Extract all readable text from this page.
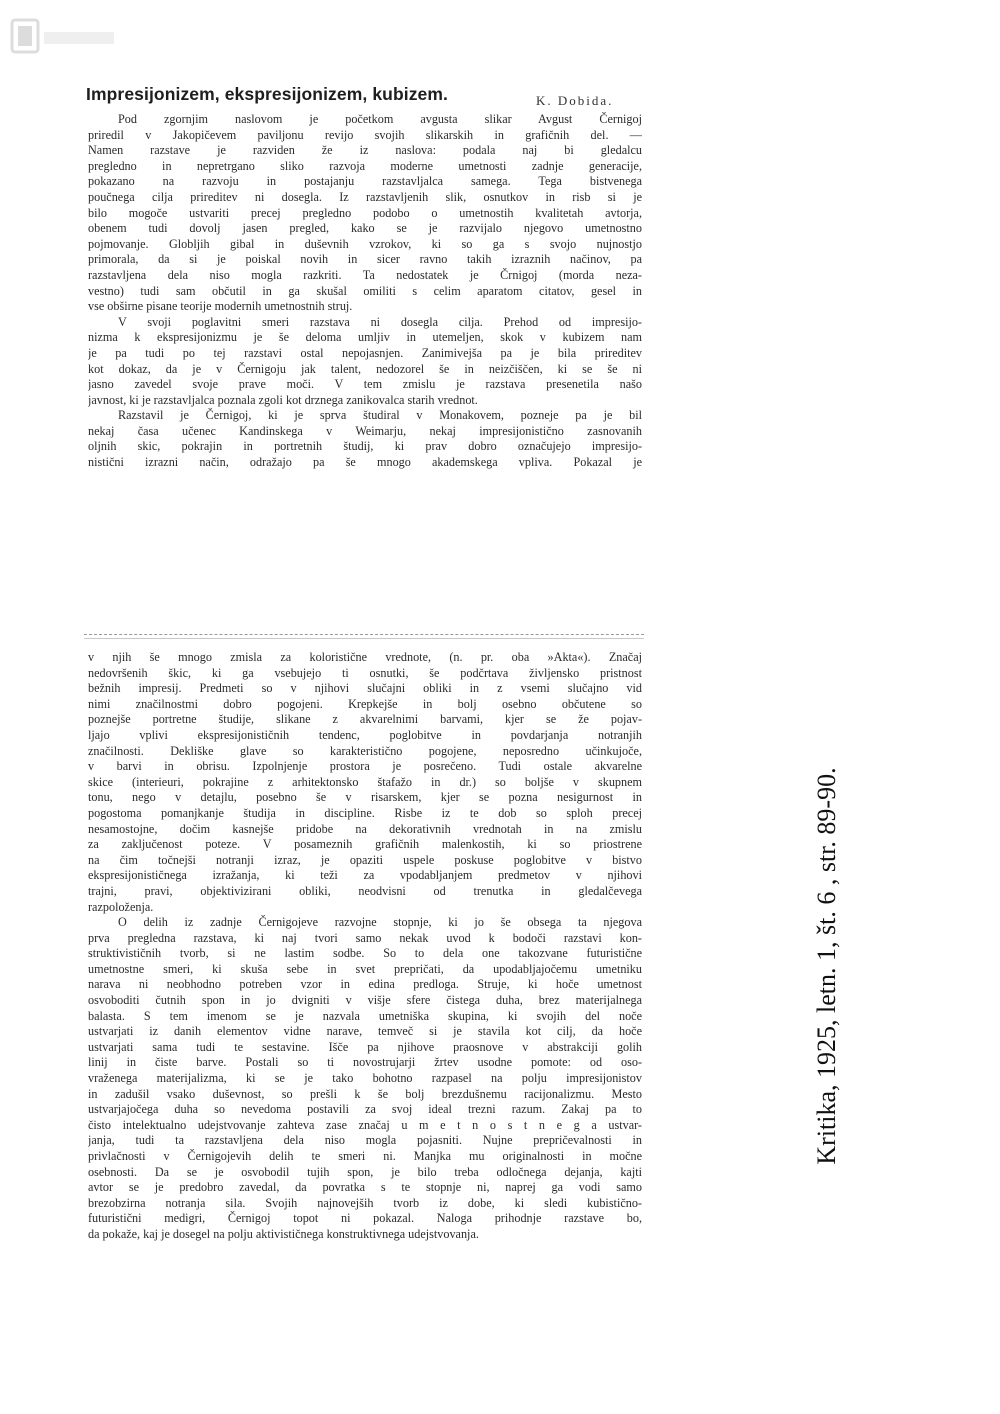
Impresijonizem, ekspresijonizem, kubizem.	K. Dobida.
Pod zgornjim naslovom je početkom avgusta slikar Avgust Černigoj
priredil v Jakopičevem paviljonu revijo svojih slikarskih in grafičnih del. —
Namen razstave je razviden že iz naslova: podala naj bi gledalcu
pregledno in nepretrgano sliko razvoja moderne umetnosti zadnje generacije,
pokazano na razvoju in postajanju razstavljalca samega. Tega bistvenega
poučnega cilja prireditev ni dosegla. Iz razstavljenih slik, osnutkov in risb si je
bilo mogoče ustvariti precej pregledno podobo o umetnostih kvalitetah avtorja,
obenem tudi dovolj jasen pregled, kako se je razvijalo njegovo umetnostno
pojmovanje. Globljih gibal in duševnih vzrokov, ki so ga s svojo nujnostjo
primorala, da si je poiskal novih in sicer ravno takih izraznih načinov, pa
razstavljena dela niso mogla razkriti. Ta nedostatek je Črnigoj (morda neza-
vestno) tudi sam občutil in ga skušal omiliti s celim aparatom citatov, gesel in
vse obširne pisane teorije modernih umetnostnih struj.
V svoji poglavitni smeri razstava ni dosegla cilja. Prehod od impresijo-
nizma k ekspresijonizmu je še deloma umljiv in utemeljen, skok v kubizem nam
je pa tudi po tej razstavi ostal nepojasnjen. Zanimivejša pa je bila prireditev
kot dokaz, da je v Černigoju jak talent, nedozorel še in neizčiščen, ki se še ni
jasno zavedel svoje prave moči. V tem zmislu je razstava presenetila našo
javnost, ki je razstavljalca poznala zgoli kot drznega zanikovalca starih vrednot.
Razstavil je Černigoj, ki je sprva študiral v Monakovem, pozneje pa je bil
nekaj časa učenec Kandinskega v Weimarju, nekaj impresijonistično zasnovanih
oljnih skic, pokrajin in portretnih študij, ki prav dobro označujejo impresijo-
nistični izrazni način, odražajo pa še mnogo akademskega vpliva. Pokazal je
v njih še mnogo zmisla za koloristične vrednote, (n. pr. oba »Akta«). Značaj
nedovršenih škic, ki ga vsebujejo ti osnutki, še podčrtava življensko pristnost
bežnih impresij. Predmeti so v njihovi slučajni obliki in z vsemi slučajno vid
nimi značilnostmi dobro pogojeni. Krepkejše in bolj osebno občutene so
poznejše portretne študije, slikane z akvarelnimi barvami, kjer se že pojav-
ljajo vplivi ekspresijonističnih tendenc, poglobitve in povdarjanja notranjih
značilnosti. Dekliške glave so karakteristično pogojene, neposredno učinkujoče,
v barvi in obrisu. Izpolnjenje prostora je posrečeno. Tudi ostale akvarelne
skice (interieuri, pokrajine z arhitektonsko štafažo in dr.) so boljše v skupnem
tonu, nego v detajlu, posebno še v risarskem, kjer se pozna nesigurnost in
pogostoma pomanjkanje študija in discipline. Risbe iz te dob so sploh precej
nesamostojne, dočim kasnejše pridobe na dekorativnih vrednotah in na zmislu
za zaključenost poteze. V posameznih grafičnih malenkostih, ki so priostrene
na čim točnejši notranji izraz, je opaziti uspele poskuse poglobitve v bistvo
ekspresijonističnega izražanja, ki teži za vpodabljanjem predmetov v njihovi
trajni, pravi, objektivizirani obliki, neodvisni od trenutka in gledalčevega
razpoloženja.
O delih iz zadnje Černigojeve razvojne stopnje, ki jo še obsega ta njegova
prva pregledna razstava, ki naj tvori samo nekak uvod k bodoči razstavi kon-
struktivističnih tvorb, si ne lastim sodbe. So to dela one takozvane futuristične
umetnostne smeri, ki skuša sebe in svet prepričati, da upodabljajočemu umetniku
narava ni neobhodno potreben vzor in edina predloga. Struje, ki hoče umetnost
osvoboditi čutnih spon in jo dvigniti v višje sfere čistega duha, brez materijalnega
balasta. S tem imenom se je nazvala umetniška skupina, ki svojih del noče
ustvarjati iz danih elementov vidne narave, temveč si je stavila kot cilj, da hoče
ustvarjati sama tudi te sestavine. Išče pa njihove praosnove v abstrakciji golih
linij in čiste barve. Postali so ti novostrujarji žrtev usodne pomote: od oso-
vraženega materijalizma, ki se je tako bohotno razpasel na polju impresijonistov
in zadušil vsako duševnost, so prešli k še bolj brezdušnemu racijonalizmu. Mesto
ustvarjajočega duha so nevedoma postavili za svoj ideal trezni razum. Zakaj pa to
čisto intelektualno udejstvovanje zahteva zase značaj u m e t n o s t n e g a ustvar-
janja, tudi ta razstavljena dela niso mogla pojasniti. Nujne prepričevalnosti in
privlačnosti v Černigojevih delih te smeri ni. Manjka mu originalnosti in močne
osebnosti. Da se je osvobodil tujih spon, je bilo treba odločnega dejanja, kajti
avtor se je predobro zavedal, da povratka s te stopnje ni, naprej ga vodi samo
brezobzirna notranja sila. Svojih najnovejših tvorb iz dobe, ki sledi kubistično-
futuristični medigri, Černigoj topot ni pokazal. Naloga prihodnje razstave bo,
da pokaže, kaj je dosegel na polju aktivističnega konstruktivnega udejstvovanja.
Kritika, 1925, letn. 1, št. 6 , str. 89-90.
